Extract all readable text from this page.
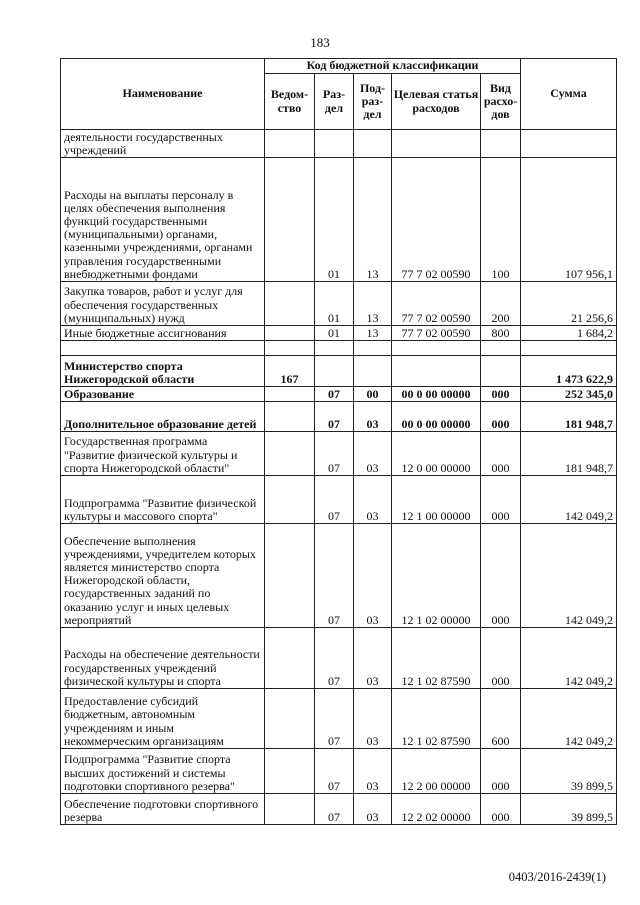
183
Наименование	Код бюджетной классификации					Сумма
	Ведом-ство	Раз-дел	Под-раз-дел	Целевая статья расходов	Вид расхо-дов	
деятельности государственных учреждений						
Расходы на выплаты персоналу в целях обеспечения выполнения функций государственными (муниципальными) органами, казенными учреждениями, органами управления государственными внебюджетными фондами		01	13	77 7 02 00590	100	107 956,1
Закупка товаров, работ и услуг для обеспечения государственных (муниципальных) нужд		01	13	77 7 02 00590	200	21 256,6
Иные бюджетные ассигнования		01	13	77 7 02 00590	800	1 684,2

Министерство спорта Нижегородской области	167					1 473 622,9
Образование		07	00	00 0 00 00000	000	252 345,0
Дополнительное образование детей		07	03	00 0 00 00000	000	181 948,7
Государственная программа "Развитие физической культуры и спорта Нижегородской области"		07	03	12 0 00 00000	000	181 948,7
Подпрограмма "Развитие физической культуры и массового спорта"		07	03	12 1 00 00000	000	142 049,2
Обеспечение выполнения учреждениями, учредителем которых является министерство спорта Нижегородской области, государственных заданий по оказанию услуг и иных целевых мероприятий		07	03	12 1 02 00000	000	142 049,2
Расходы на обеспечение деятельности государственных учреждений физической культуры и спорта		07	03	12 1 02 87590	000	142 049,2
Предоставление субсидий бюджетным, автономным учреждениям и иным некоммерческим организациям		07	03	12 1 02 87590	600	142 049,2
Подпрограмма "Развитие спорта высших достижений и системы подготовки спортивного резерва"		07	03	12 2 00 00000	000	39 899,5
Обеспечение подготовки спортивного резерва		07	03	12 2 02 00000	000	39 899,5
0403/2016-2439(1)
